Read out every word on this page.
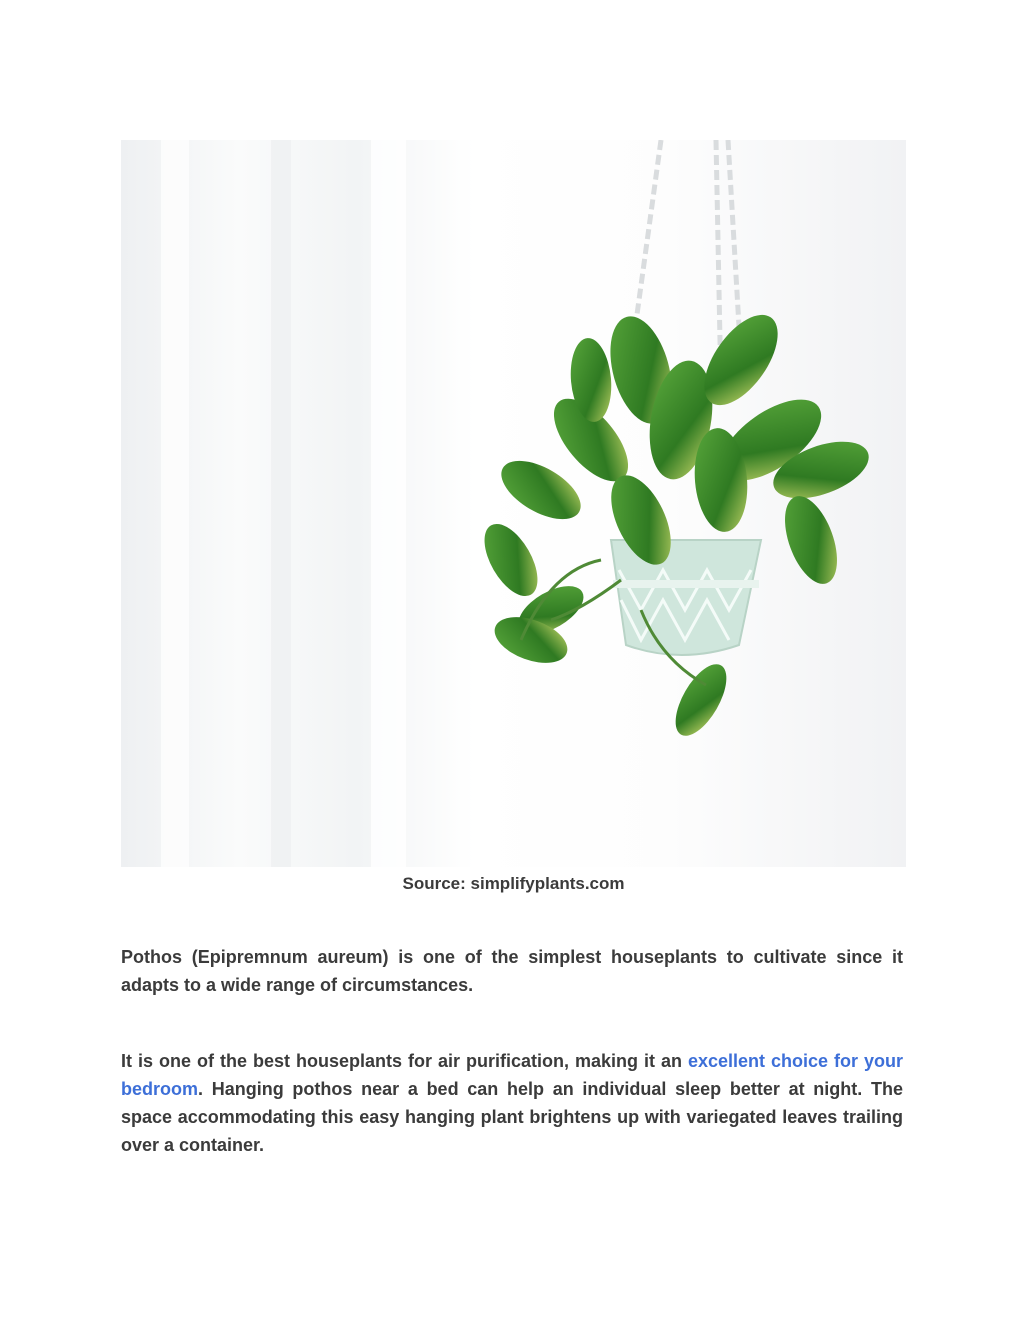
Source: simplifyplants.com

Pothos (Epipremnum aureum) is one of the simplest houseplants to cultivate since it adapts to a wide range of circumstances.

It is one of the best houseplants for air purification, making it an excellent choice for your bedroom. Hanging pothos near a bed can help an individual sleep better at night. The space accommodating this easy hanging plant brightens up with variegated leaves trailing over a container.
